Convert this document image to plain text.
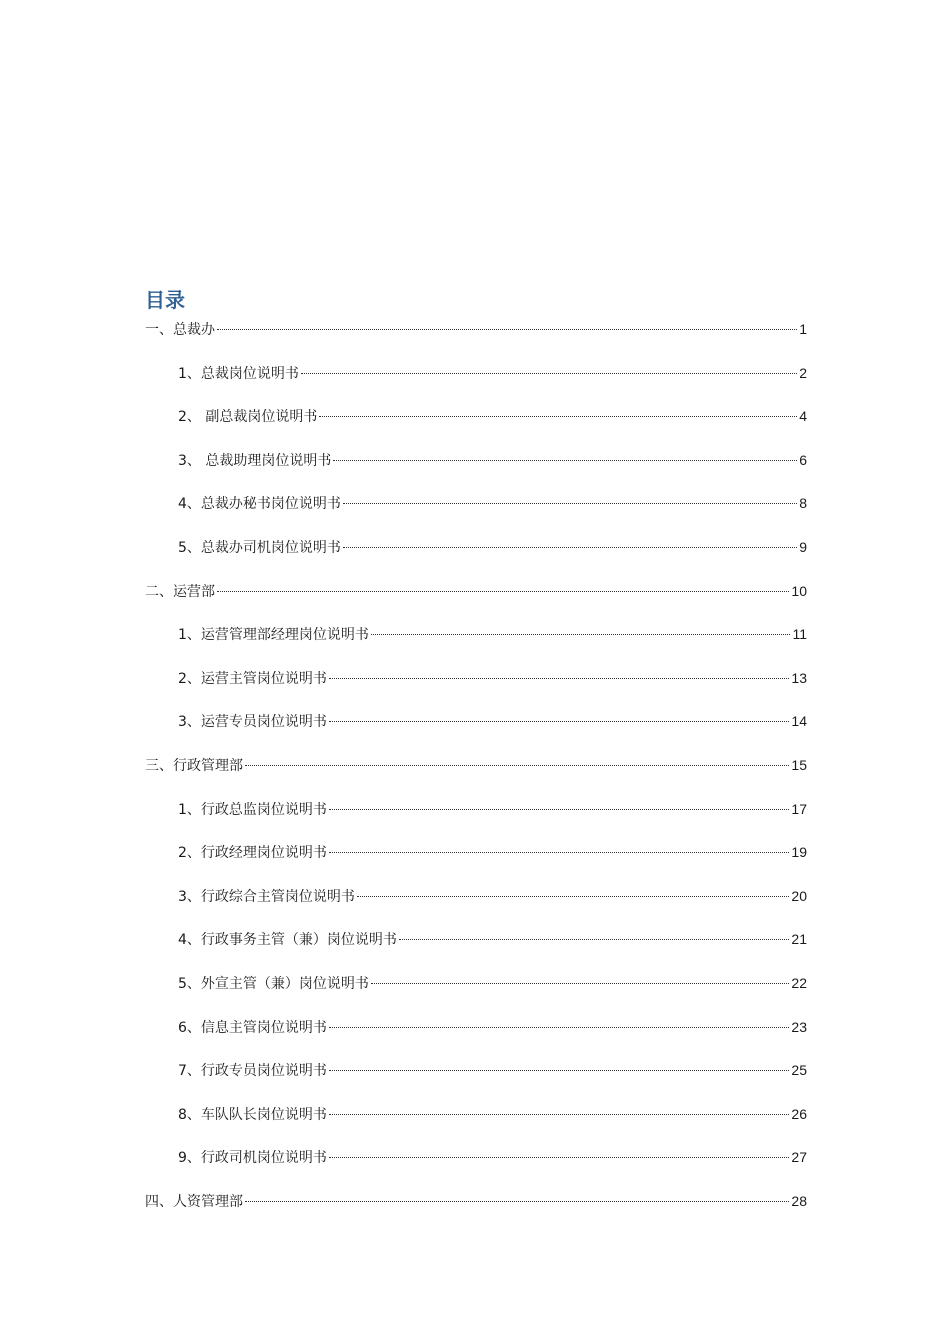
目录
一、总裁办	1
1、总裁岗位说明书	2
2、 副总裁岗位说明书	4
3、 总裁助理岗位说明书	6
4、总裁办秘书岗位说明书	8
5、总裁办司机岗位说明书	9
二、运营部	10
1、运营管理部经理岗位说明书	11
2、运营主管岗位说明书	13
3、运营专员岗位说明书	14
三、行政管理部	15
1、行政总监岗位说明书	17
2、行政经理岗位说明书	19
3、行政综合主管岗位说明书	20
4、行政事务主管（兼）岗位说明书	21
5、外宣主管（兼）岗位说明书	22
6、信息主管岗位说明书	23
7、行政专员岗位说明书	25
8、车队队长岗位说明书	26
9、行政司机岗位说明书	27
四、人资管理部	28
